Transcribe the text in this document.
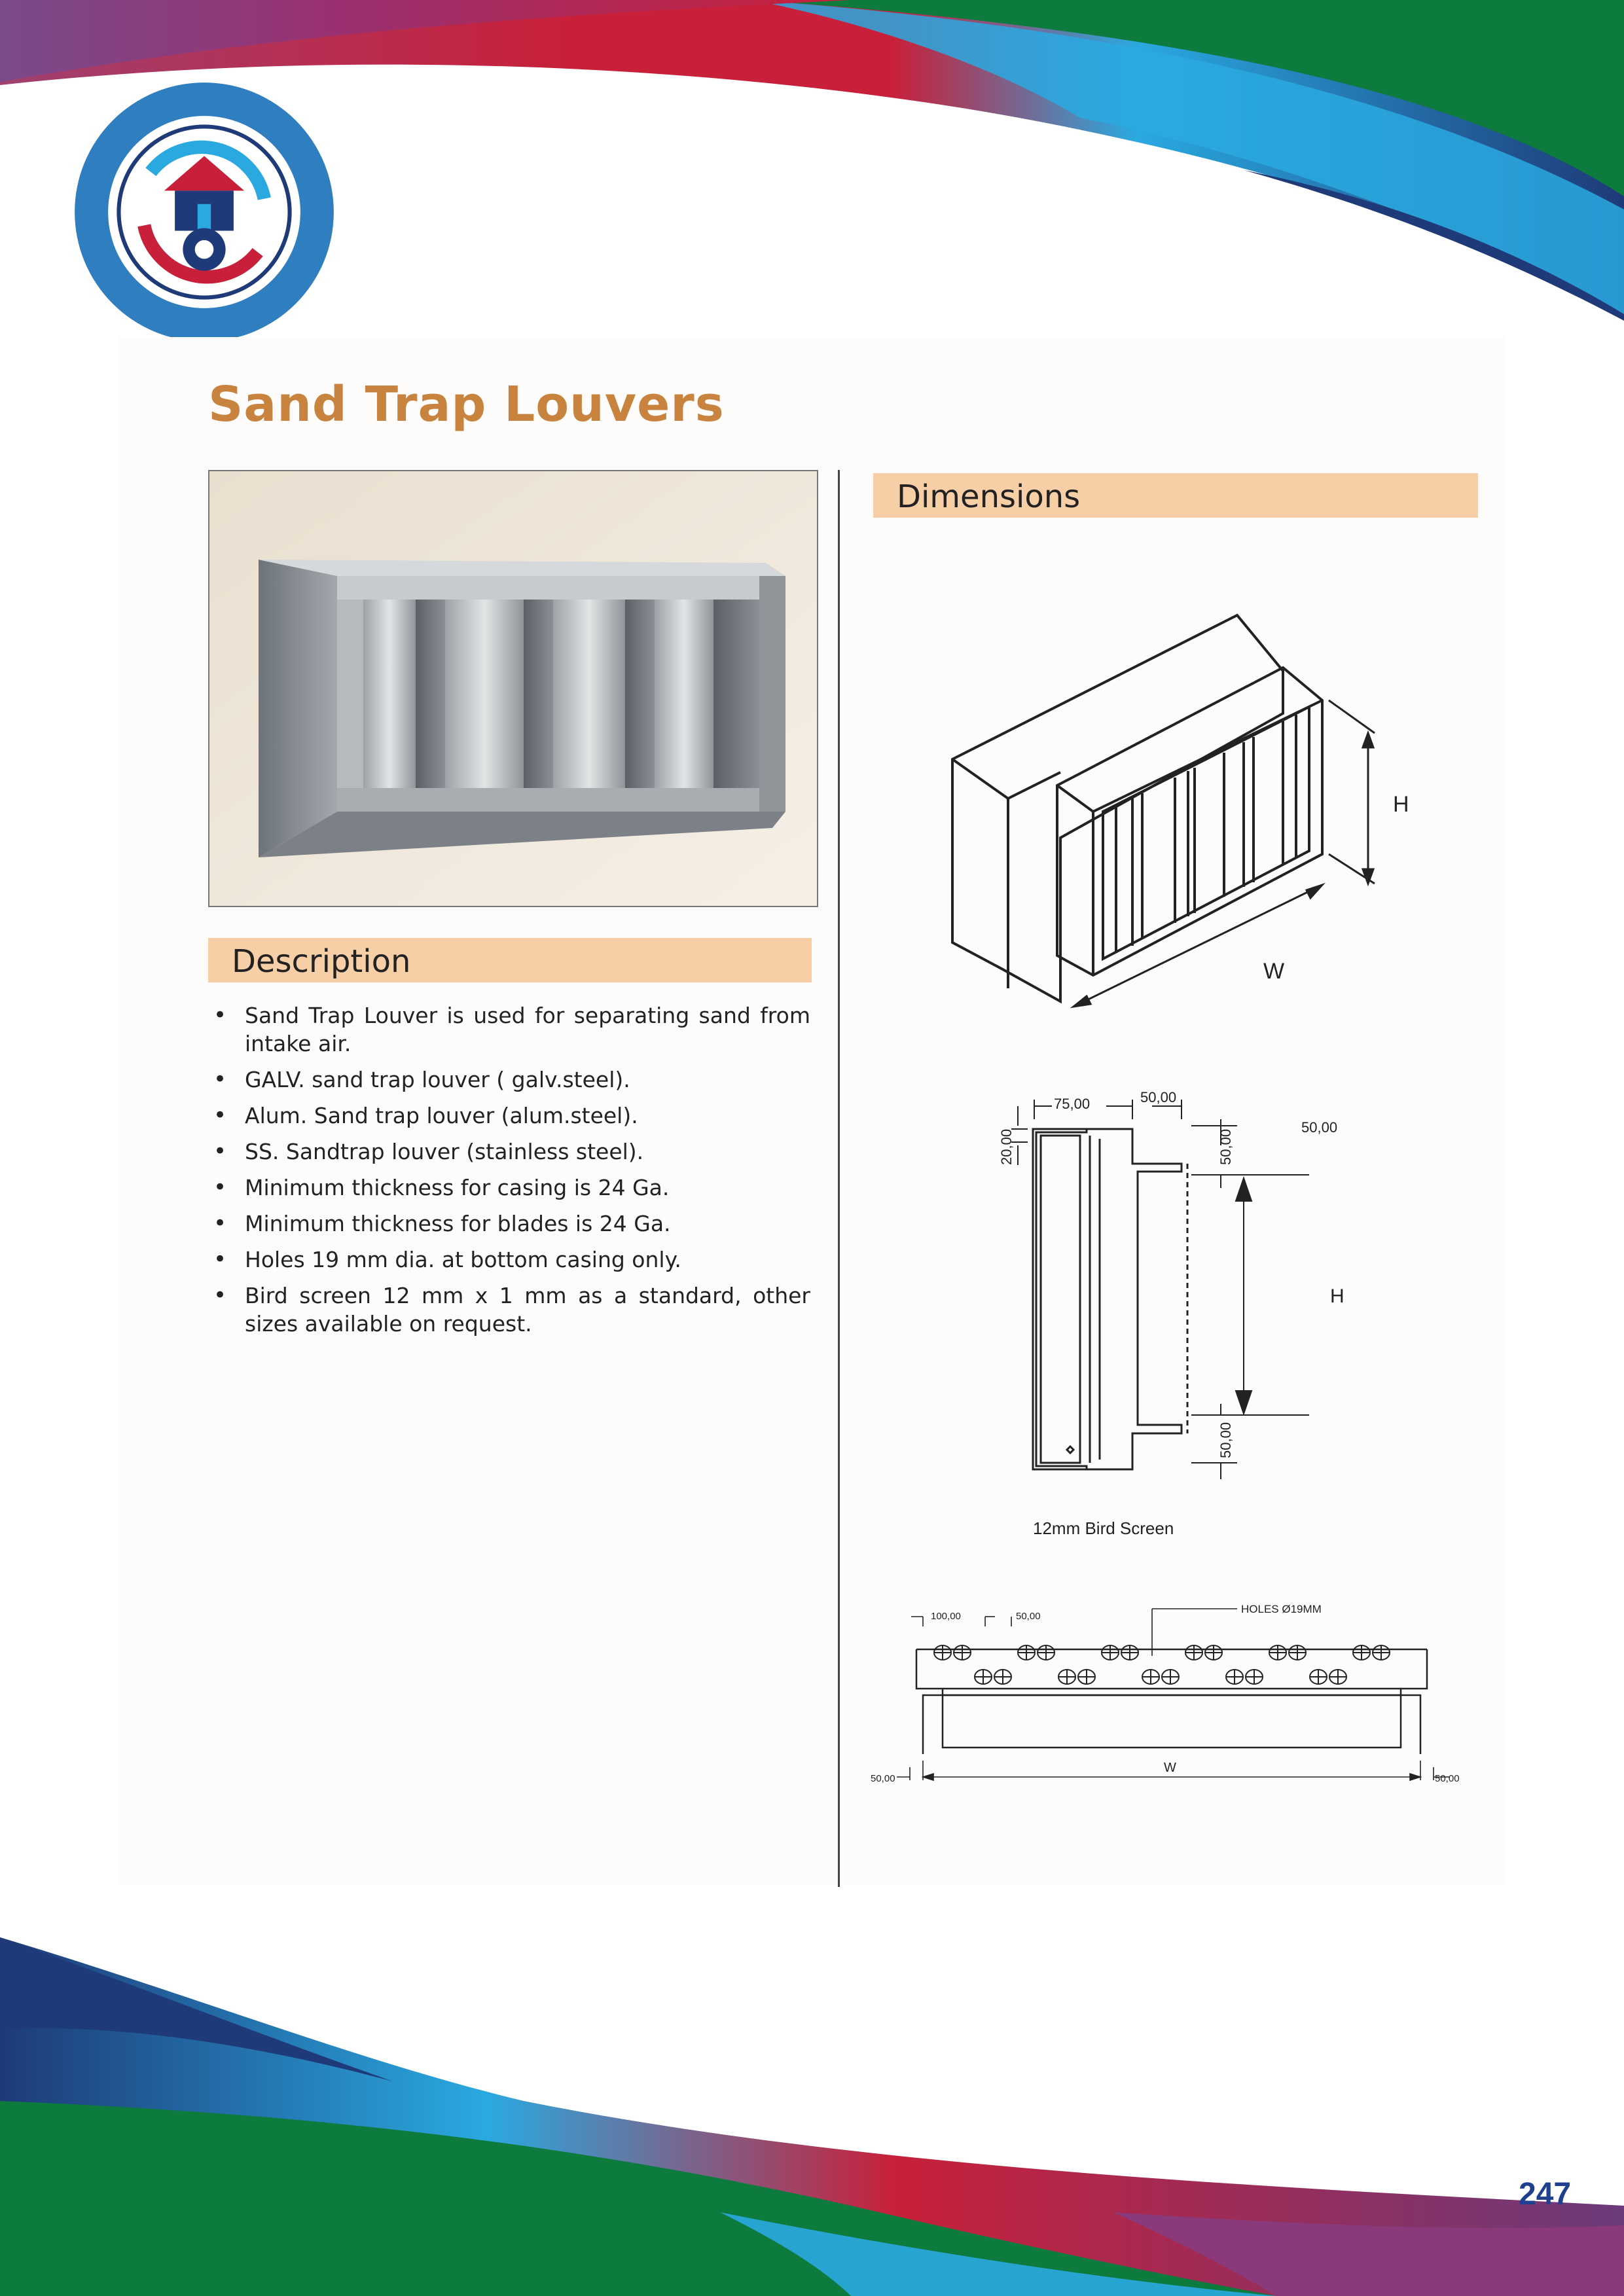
Sand Trap Louvers
Description
• Sand Trap Louver is used for separating sand from intake air.
• GALV. sand trap louver ( galv.steel).
• Alum. Sand trap louver (alum.steel).
• SS. Sandtrap louver (stainless steel).
• Minimum thickness for casing is 24 Ga.
• Minimum thickness for blades is 24 Ga.
• Holes 19 mm dia. at bottom casing only.
• Bird screen 12 mm x 1 mm as a standard, other sizes available on request.
Dimensions
H
W
75,00	50,00
50,00
50,00
20,00
H
50,00
12mm Bird Screen
HOLES Ø19MM
100,00	50,00
W
50,00	50,00
247
